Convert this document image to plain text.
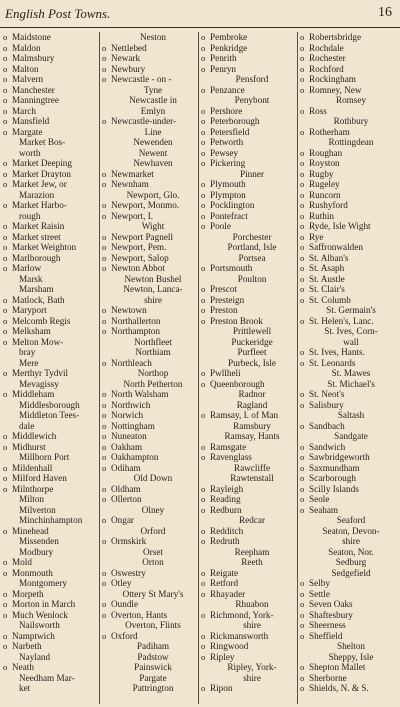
English Post Towns.	16
o Maidstone
o Maldon
o Malmsbury
o Malton
o Malvern
o Manchester
o Manningtree
o March
o Mansfield
o Margate
Market Bos-
worth
o Market Deeping
o Market Drayton
o Market Jew, or
Marazion
o Market Harbo-
rough
o Market Raisin
o Market street
o Market Weighton
o Marlborough
o Marlow
Marsk
Marsham
o Matlock, Bath
o Maryport
o Melcomb Regis
o Melksham
o Melton Mow-
bray
Mere
o Merthyr Tydvil
Mevagissy
o Middleham
Middlesborough
Middleton Tees-
dale
o Middlewich
o Midhurst
Millborn Port
o Mildenhall
o Milford Haven
o Milnthorpe
Milton
Milverton
Minchinhampton
o Minehead
Missenden
Modbury
o Mold
o Monmouth
Montgomery
o Morpeth
o Morton in March
o Much Wenlock
Nailsworth
o Namptwich
o Narbeth
Nayland
o Neath
Needham Mar-
ket
Neston
o Nettlebed
o Newark
o Newbury
o Newcastle - on -
Tyne
Newcastle in
Emlyn
o Newcastle-under-
Line
Newenden
Newent
Newhaven
o Newmarket
o Newnham
Newport, Glo.
o Newport, Monmo.
o Newport, I.
Wight
o Newport Pagnell
o Newport, Pem.
o Newport, Salop
o Newton Abbot
Newton Bushel
Newton, Lanca-
shire
o Newtown
o Northallerton
o Northampton
Northfleet
Northiam
o Northleach
Northop
North Petherton
o North Walsham
o Northwich
o Norwich
o Nottingham
o Nuneaton
o Oakham
o Oakhampton
o Odiham
Old Down
o Oldham
o Ollerton
Olney
o Ongar
Orford
o Ormskirk
Orset
Orton
o Oswestry
o Otley
Ottery St Mary's
o Oundle
o Overton, Hants
Overton, Flints
o Oxford
Padiham
Padstow
Painswick
Pargate
Pattrington
o Pembroke
o Penkridge
o Penrith
o Penryn
Pensford
o Penzance
Penybont
o Pershore
o Peterborough
o Petersfield
o Petworth
o Pewsey
o Pickering
Pinner
o Plymouth
o Plympton
o Pocklington
o Pontefract
o Poole
Porchester
Portland, Isle
Portsea
o Portsmouth
Poulton
o Prescot
o Presteign
o Preston
o Preston Brook
Prittlewell
Puckeridge
Purfleet
Purbeck, Isle
o Pwllheli
o Queenborough
Radnor
Ragland
o Ramsay, I. of Man
Ramsbury
Ramsay, Hants
o Ramsgate
o Ravenglass
Rawcliffe
Rawtenstall
o Rayleigh
o Reading
o Redburn
Redcar
o Redditch
o Redruth
Reepham
Reeth
o Reigate
o Retford
o Rhayader
Rhuabon
o Richmond, York-
shire
o Rickmansworth
o Ringwood
o Ripley
Ripley, York-
shire
o Ripon
o Robertsbridge
o Rochdale
o Rochester
o Rochford
o Rockingham
o Romney, New
Romsey
o Ross
Rothbury
o Rotherham
Rottingdean
o Roughan
o Royston
o Rugby
o Rugeley
o Runcorn
o Rushyford
o Ruthin
o Ryde, Isle Wight
o Rye
o Saffronwalden
o St. Alban's
o St. Asaph
o St. Austle
o St. Clair's
o St. Columb
St. Germain's
o St. Helen's, Lanc.
St. Ives, Corn-
wall
o St. Ives, Hants.
o St. Leonards
St. Mawes
St. Michael's
o St. Neot's
o Salisbury
Saltash
o Sandbach
Sandgate
o Sandwich
o Sawbridgeworth
o Saxmundham
o Scarborough
o Scilly Islands
o Seole
o Seaham
Seaford
Seaton, Devon-
shire
Seaton, Nor.
Sedburg
Sedgefield
o Selby
o Settle
o Seven Oaks
o Shaftesbury
o Sheerness
o Sheffield
Shelton
Sheppy, Isle
o Shepton Mallet
o Sherborne
o Shields, N. & S.
